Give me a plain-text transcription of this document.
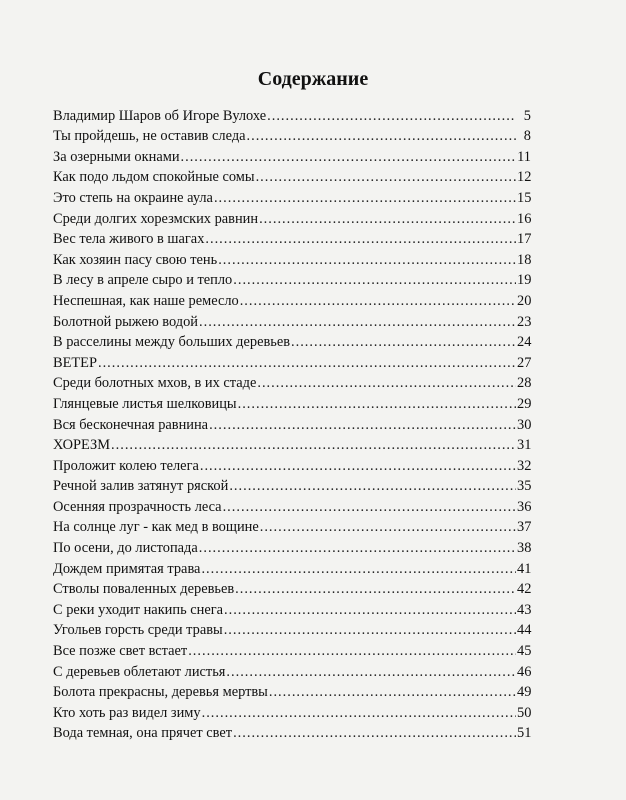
Содержание
Владимир Шаров об Игоре Вулохе .....	5
Ты пройдешь, не оставив следа .....	8
За озерными окнами .....	11
Как подо льдом спокойные сомы .....	12
Это степь на окраине аула .....	15
Среди долгих хорезмских равнин .....	16
Вес тела живого в шагах .....	17
Как хозяин пасу свою тень .....	18
В лесу в апреле сыро и тепло .....	19
Неспешная, как наше ремесло .....	20
Болотной рыжею водой .....	23
В расселины между больших деревьев .....	24
ВЕТЕР .....	27
Среди болотных мхов, в их стаде .....	28
Глянцевые листья шелковицы .....	29
Вся бесконечная равнина .....	30
ХОРЕЗМ .....	31
Проложит колею телега .....	32
Речной залив затянут ряской .....	35
Осенняя прозрачность леса .....	36
На солнце луг - как мед в вощине .....	37
По осени, до листопада .....	38
Дождем примятая трава .....	41
Стволы поваленных деревьев .....	42
С реки уходит накипь снега .....	43
Угольев горсть среди травы .....	44
Все позже свет встает .....	45
С деревьев облетают листья .....	46
Болота прекрасны, деревья мертвы .....	49
Кто хоть раз видел зиму .....	50
Вода темная, она прячет свет .....	51
